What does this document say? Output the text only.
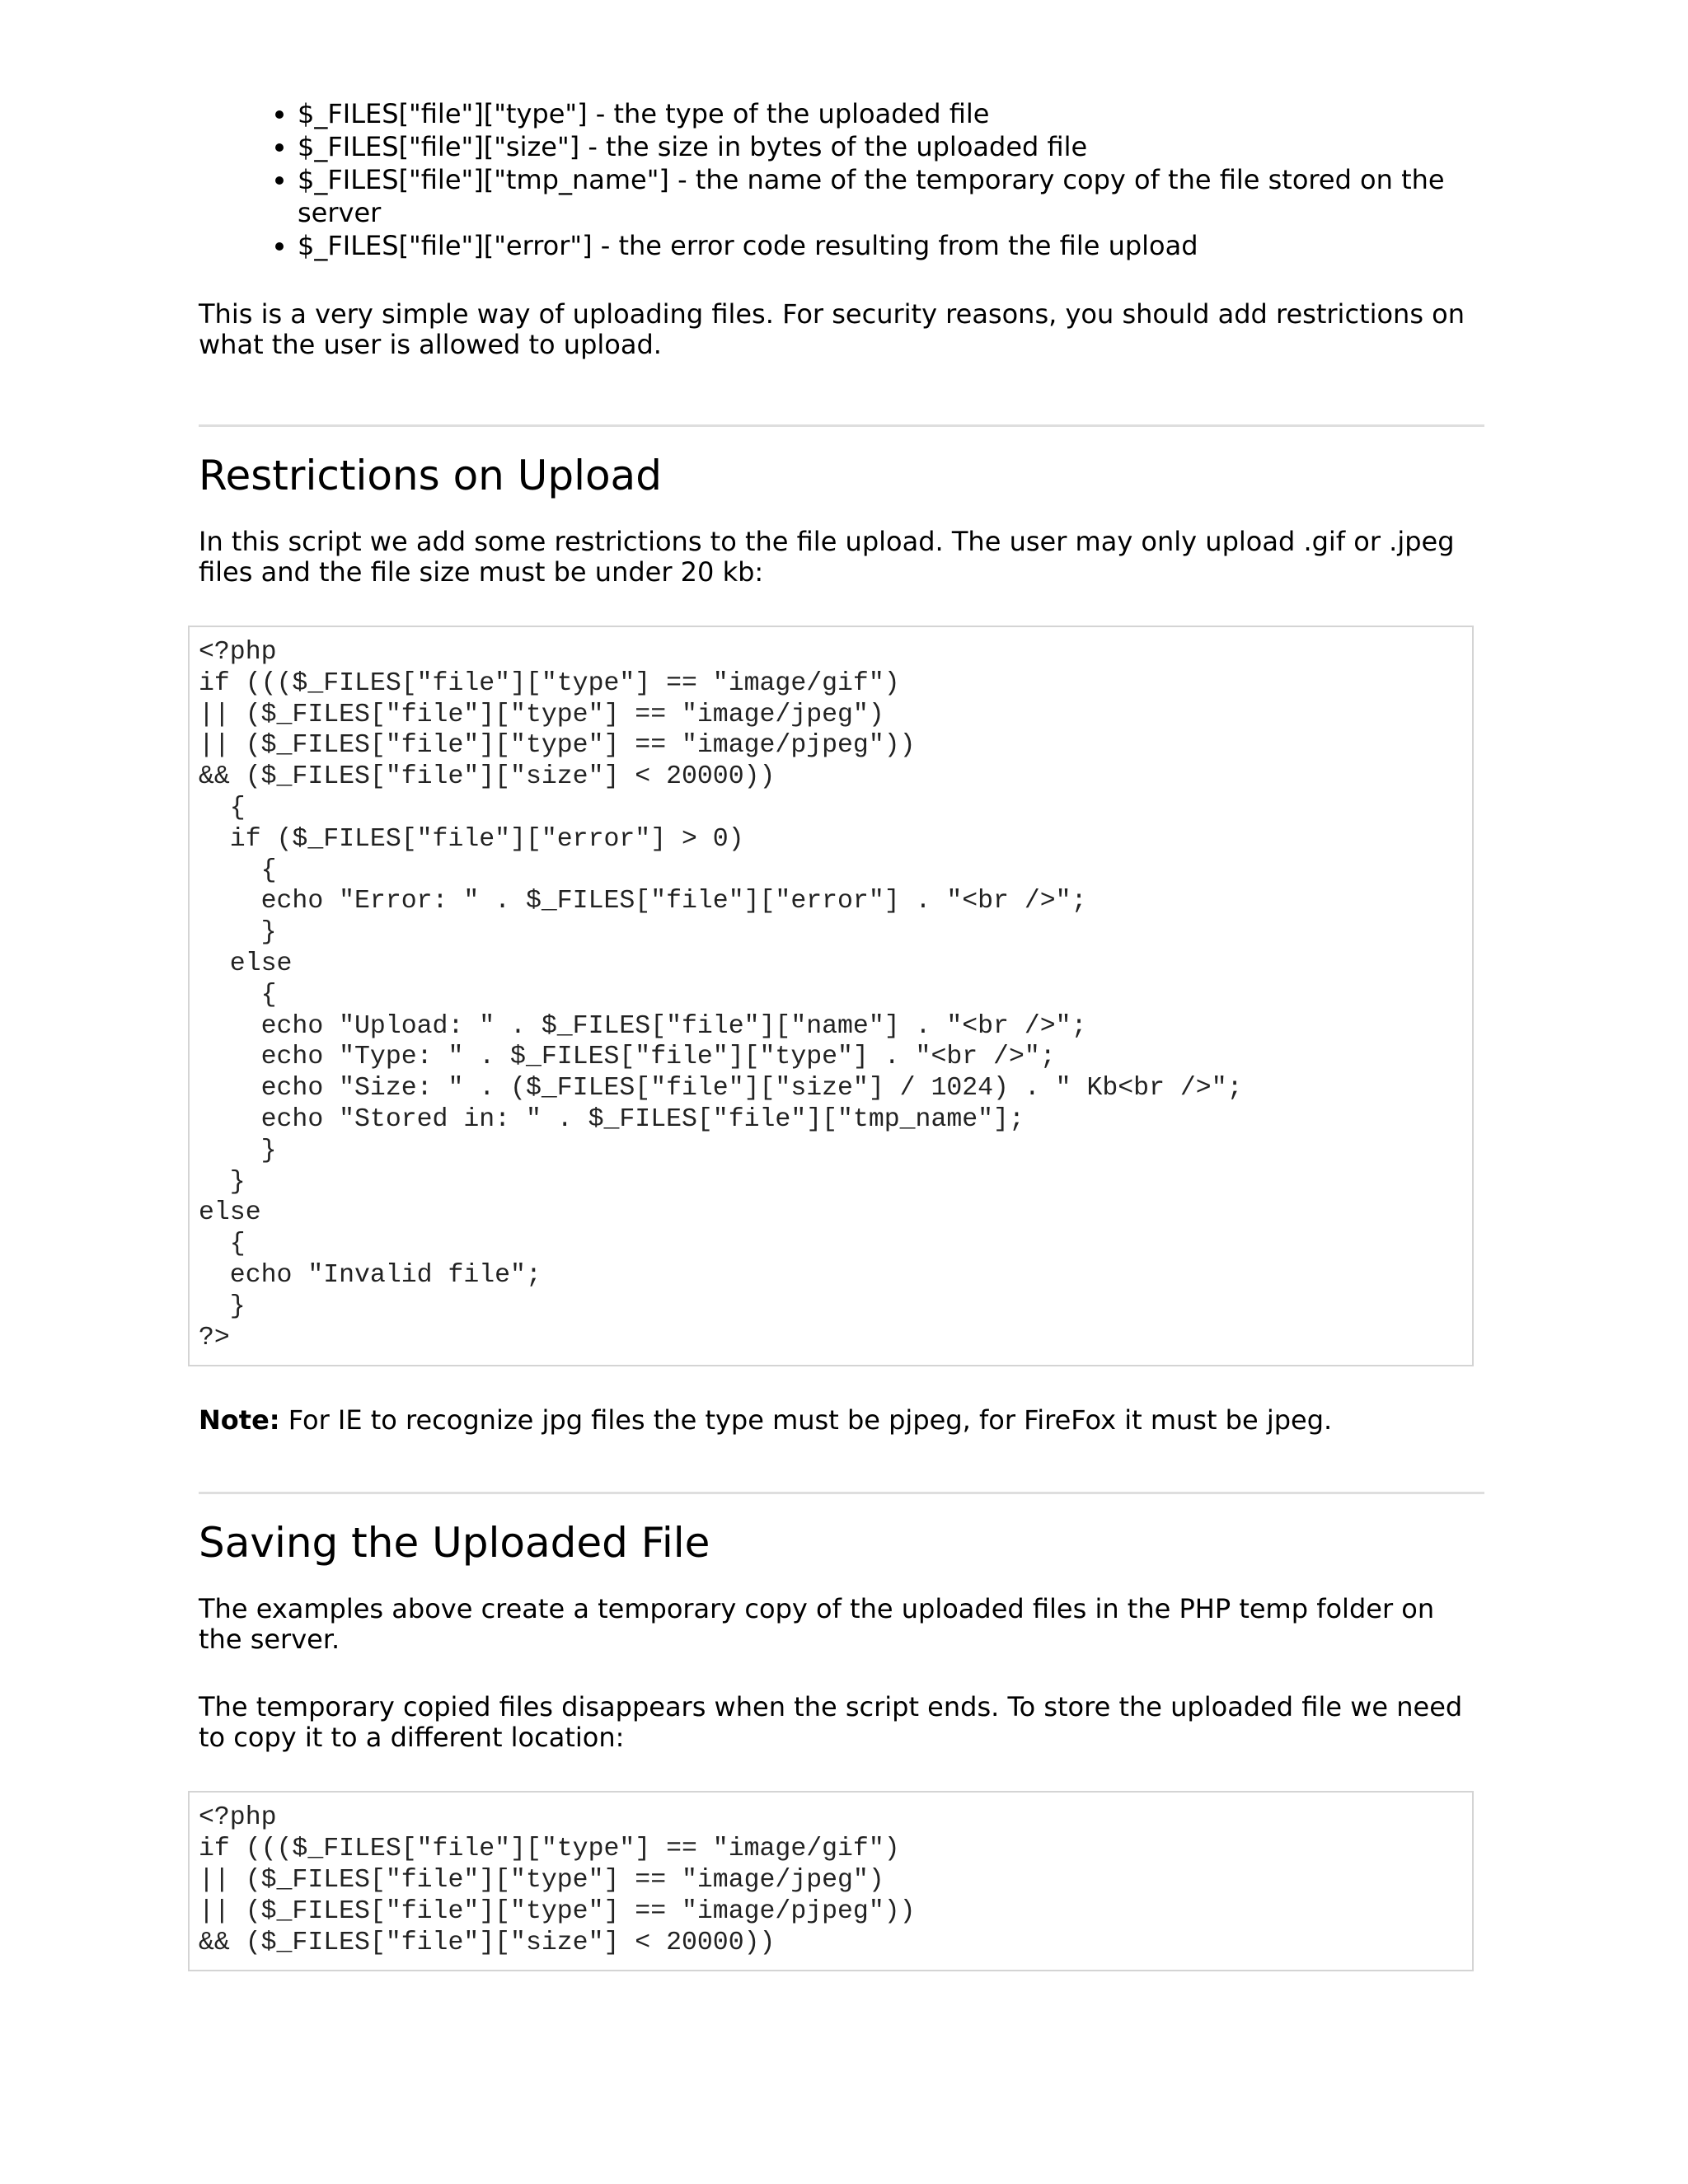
• $_FILES["file"]["type"] - the type of the uploaded file
• $_FILES["file"]["size"] - the size in bytes of the uploaded file
• $_FILES["file"]["tmp_name"] - the name of the temporary copy of the file stored on the server
• $_FILES["file"]["error"] - the error code resulting from the file upload

This is a very simple way of uploading files. For security reasons, you should add restrictions on what the user is allowed to upload.

Restrictions on Upload

In this script we add some restrictions to the file upload. The user may only upload .gif or .jpeg files and the file size must be under 20 kb:

<?php
if ((($_FILES["file"]["type"] == "image/gif")
|| ($_FILES["file"]["type"] == "image/jpeg")
|| ($_FILES["file"]["type"] == "image/pjpeg"))
&& ($_FILES["file"]["size"] < 20000))
{
if ($_FILES["file"]["error"] > 0)
{
echo "Error: " . $_FILES["file"]["error"] . "<br />";
}
else
{
echo "Upload: " . $_FILES["file"]["name"] . "<br />";
echo "Type: " . $_FILES["file"]["type"] . "<br />";
echo "Size: " . ($_FILES["file"]["size"] / 1024) . " Kb<br />";
echo "Stored in: " . $_FILES["file"]["tmp_name"];
}
}
else
{
echo "Invalid file";
}
?>

Note: For IE to recognize jpg files the type must be pjpeg, for FireFox it must be jpeg.

Saving the Uploaded File

The examples above create a temporary copy of the uploaded files in the PHP temp folder on the server.

The temporary copied files disappears when the script ends. To store the uploaded file we need to copy it to a different location:

<?php
if ((($_FILES["file"]["type"] == "image/gif")
|| ($_FILES["file"]["type"] == "image/jpeg")
|| ($_FILES["file"]["type"] == "image/pjpeg"))
&& ($_FILES["file"]["size"] < 20000))
